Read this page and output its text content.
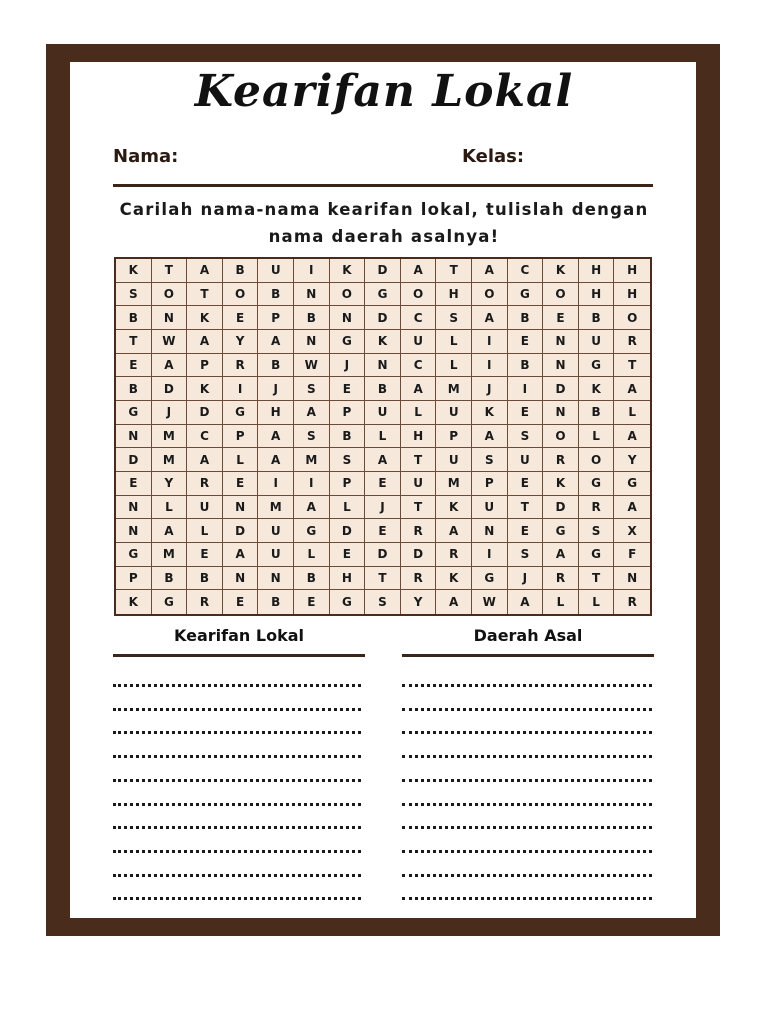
Kearifan Lokal
Nama:	Kelas:
Carilah nama-nama kearifan lokal, tulislah dengan nama daerah asalnya!
K	T	A	B	U	I	K	D	A	T	A	C	K	H	H
S	O	T	O	B	N	O	G	O	H	O	G	O	H	H
B	N	K	E	P	B	N	D	C	S	A	B	E	B	O
T	W	A	Y	A	N	G	K	U	L	I	E	N	U	R
E	A	P	R	B	W	J	N	C	L	I	B	N	G	T
B	D	K	I	J	S	E	B	A	M	J	I	D	K	A
G	J	D	G	H	A	P	U	L	U	K	E	N	B	L
N	M	C	P	A	S	B	L	H	P	A	S	O	L	A
D	M	A	L	A	M	S	A	T	U	S	U	R	O	Y
E	Y	R	E	I	I	P	E	U	M	P	E	K	G	G
N	L	U	N	M	A	L	J	T	K	U	T	D	R	A
N	A	L	D	U	G	D	E	R	A	N	E	G	S	X
G	M	E	A	U	L	E	D	D	R	I	S	A	G	F
P	B	B	N	N	B	H	T	R	K	G	J	R	T	N
K	G	R	E	B	E	G	S	Y	A	W	A	L	L	R
Kearifan Lokal	Daerah Asal
